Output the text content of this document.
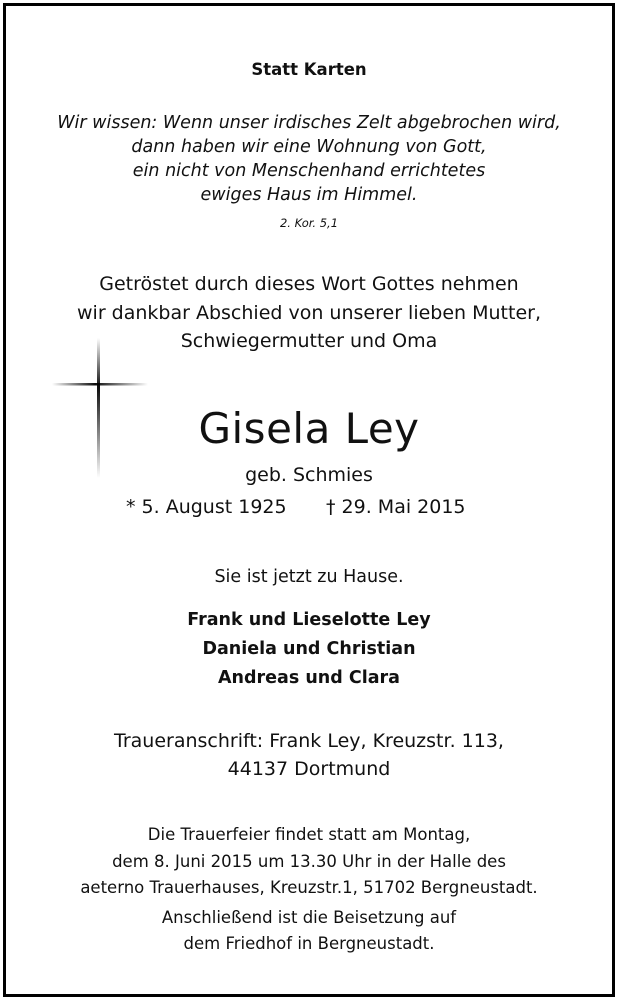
Statt Karten
Wir wissen: Wenn unser irdisches Zelt abgebrochen wird,
dann haben wir eine Wohnung von Gott,
ein nicht von Menschenhand errichtetes
ewiges Haus im Himmel.
2. Kor. 5,1
Getröstet durch dieses Wort Gottes nehmen
wir dankbar Abschied von unserer lieben Mutter,
Schwiegermutter und Oma
Gisela Ley
geb. Schmies
* 5. August 1925 † 29. Mai 2015
Sie ist jetzt zu Hause.
Frank und Lieselotte Ley
Daniela und Christian
Andreas und Clara
Traueranschrift: Frank Ley, Kreuzstr. 113,
44137 Dortmund
Die Trauerfeier findet statt am Montag,
dem 8. Juni 2015 um 13.30 Uhr in der Halle des
aeterno Trauerhauses, Kreuzstr.1, 51702 Bergneustadt.
Anschließend ist die Beisetzung auf
dem Friedhof in Bergneustadt.
